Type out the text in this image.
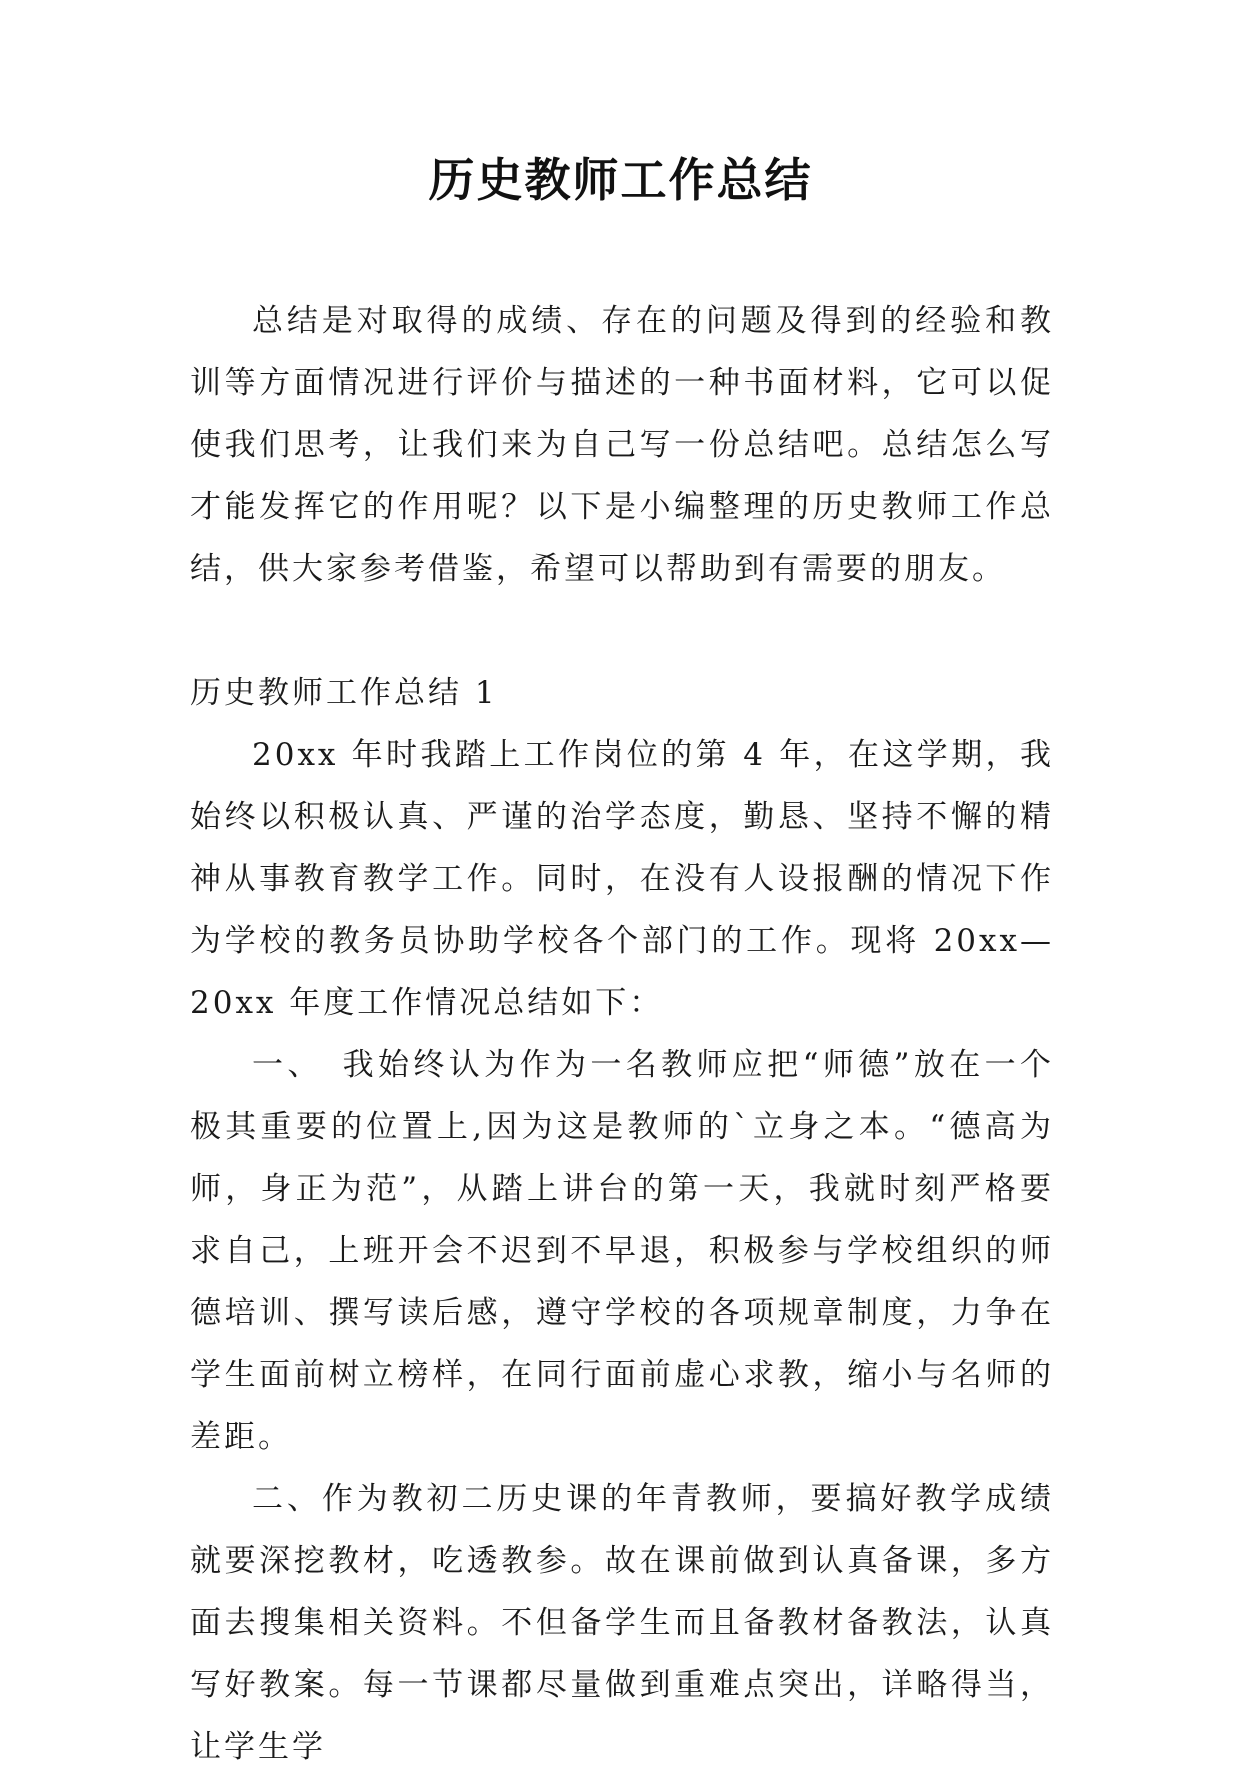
历史教师工作总结

总结是对取得的成绩、存在的问题及得到的经验和教训等方面情况进行评价与描述的一种书面材料，它可以促使我们思考，让我们来为自己写一份总结吧。总结怎么写才能发挥它的作用呢？以下是小编整理的历史教师工作总结，供大家参考借鉴，希望可以帮助到有需要的朋友。

历史教师工作总结 1

20xx 年时我踏上工作岗位的第 4 年，在这学期，我始终以积极认真、严谨的治学态度，勤恳、坚持不懈的精神从事教育教学工作。同时，在没有人设报酬的情况下作为学校的教务员协助学校各个部门的工作。现将 20xx—20xx 年度工作情况总结如下：

一、　我始终认为作为一名教师应把“师德”放在一个极其重要的位置上,因为这是教师的`立身之本。“德高为师，身正为范”，从踏上讲台的第一天，我就时刻严格要求自己，上班开会不迟到不早退，积极参与学校组织的师德培训、撰写读后感，遵守学校的各项规章制度，力争在学生面前树立榜样，在同行面前虚心求教，缩小与名师的差距。

二、作为教初二历史课的年青教师，要搞好教学成绩就要深挖教材，吃透教参。故在课前做到认真备课，多方面去搜集相关资料。不但备学生而且备教材备教法，认真写好教案。每一节课都尽量做到重难点突出，详略得当，让学生学
